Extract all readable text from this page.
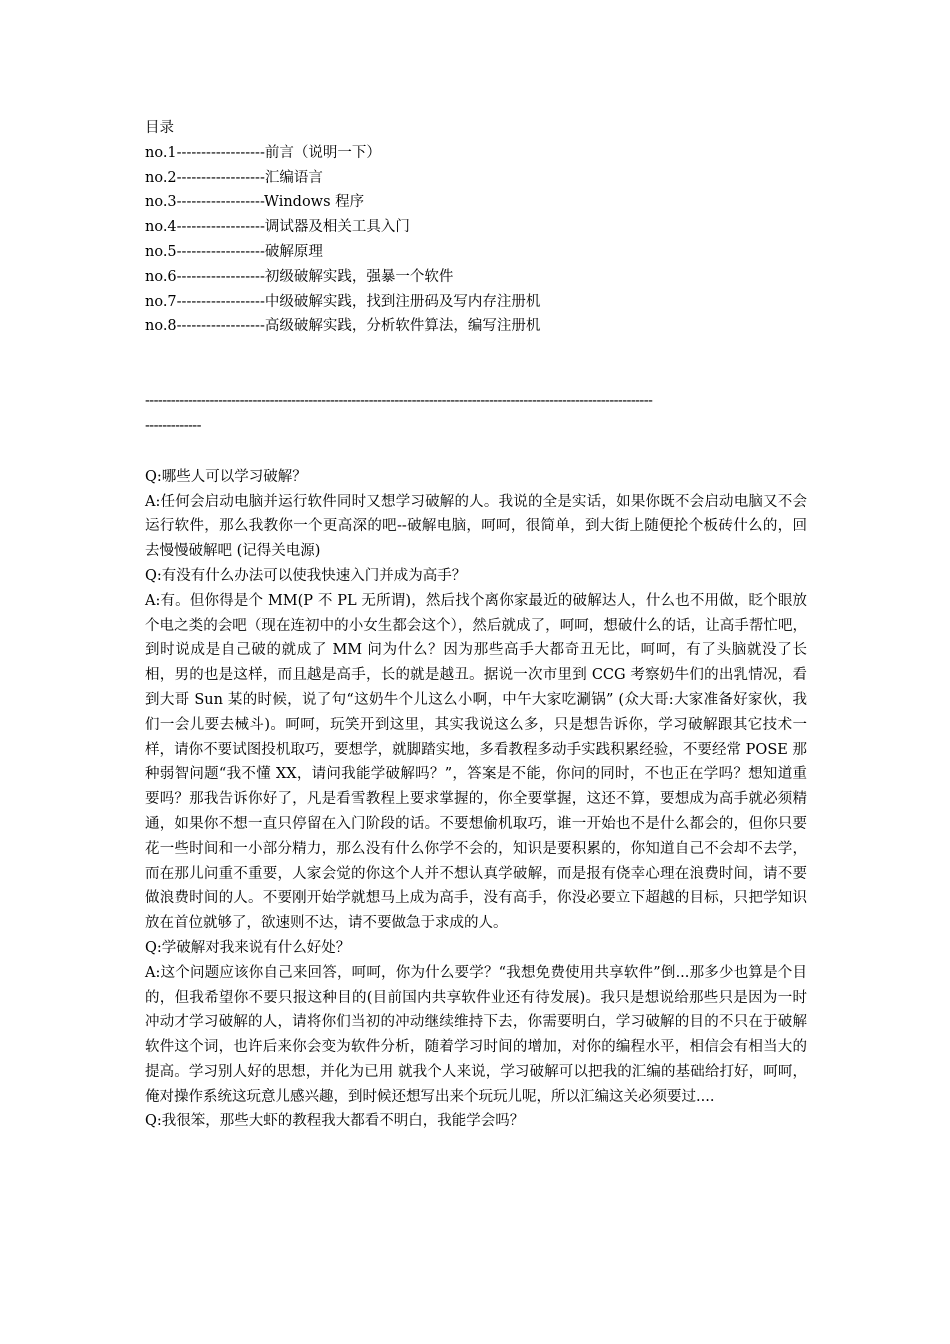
目录
no.1------------------前言（说明一下）
no.2------------------汇编语言
no.3------------------Windows 程序
no.4------------------调试器及相关工具入门
no.5------------------破解原理
no.6------------------初级破解实践，强暴一个软件
no.7------------------中级破解实践，找到注册码及写内存注册机
no.8------------------高级破解实践，分析软件算法，编写注册机
----------------------------------------------------------------------------------------------------------------------
-------------

Q:哪些人可以学习破解？

A:任何会启动电脑并运行软件同时又想学习破解的人。我说的全是实话，如果你既不会启动电脑又不会运行软件，那么我教你一个更高深的吧--破解电脑，呵呵，很简单，到大街上随便抡个板砖什么的，回去慢慢破解吧 (记得关电源)

Q:有没有什么办法可以使我快速入门并成为高手？

A:有。但你得是个 MM(P 不 PL 无所谓)，然后找个离你家最近的破解达人，什么也不用做，眨个眼放个电之类的会吧（现在连初中的小女生都会这个），然后就成了，呵呵，想破什么的话，让高手帮忙吧，到时说成是自己破的就成了 MM 问为什么？因为那些高手大都奇丑无比，呵呵，有了头脑就没了长相，男的也是这样，而且越是高手，长的就是越丑。据说一次市里到 CCG 考察奶牛们的出乳情况，看到大哥 Sun 某的时候，说了句“这奶牛个儿这么小啊，中午大家吃涮锅” (众大哥:大家准备好家伙，我们一会儿要去械斗)。呵呵，玩笑开到这里，其实我说这么多，只是想告诉你，学习破解跟其它技术一样，请你不要试图投机取巧，要想学，就脚踏实地，多看教程多动手实践积累经验，不要经常 POSE 那种弱智问题“我不懂 XX，请问我能学破解吗？”，答案是不能，你问的同时，不也正在学吗？想知道重要吗？那我告诉你好了，凡是看雪教程上要求掌握的，你全要掌握，这还不算，要想成为高手就必须精通，如果你不想一直只停留在入门阶段的话。不要想偷机取巧，谁一开始也不是什么都会的，但你只要花一些时间和一小部分精力，那么没有什么你学不会的，知识是要积累的，你知道自己不会却不去学，而在那儿问重不重要，人家会觉的你这个人并不想认真学破解，而是报有侥幸心理在浪费时间，请不要做浪费时间的人。不要刚开始学就想马上成为高手，没有高手，你没必要立下超越的目标，只把学知识放在首位就够了，欲速则不达，请不要做急于求成的人。

Q:学破解对我来说有什么好处？

A:这个问题应该你自己来回答，呵呵，你为什么要学？“我想免费使用共享软件”倒...那多少也算是个目的，但我希望你不要只报这种目的(目前国内共享软件业还有待发展)。我只是想说给那些只是因为一时冲动才学习破解的人，请将你们当初的冲动继续维持下去，你需要明白，学习破解的目的不只在于破解软件这个词，也许后来你会变为软件分析，随着学习时间的增加，对你的编程水平，相信会有相当大的提高。学习别人好的思想，并化为已用 就我个人来说，学习破解可以把我的汇编的基础给打好，呵呵，俺对操作系统这玩意儿感兴趣，到时候还想写出来个玩玩儿呢，所以汇编这关必须要过....

Q:我很笨，那些大虾的教程我大都看不明白，我能学会吗？
